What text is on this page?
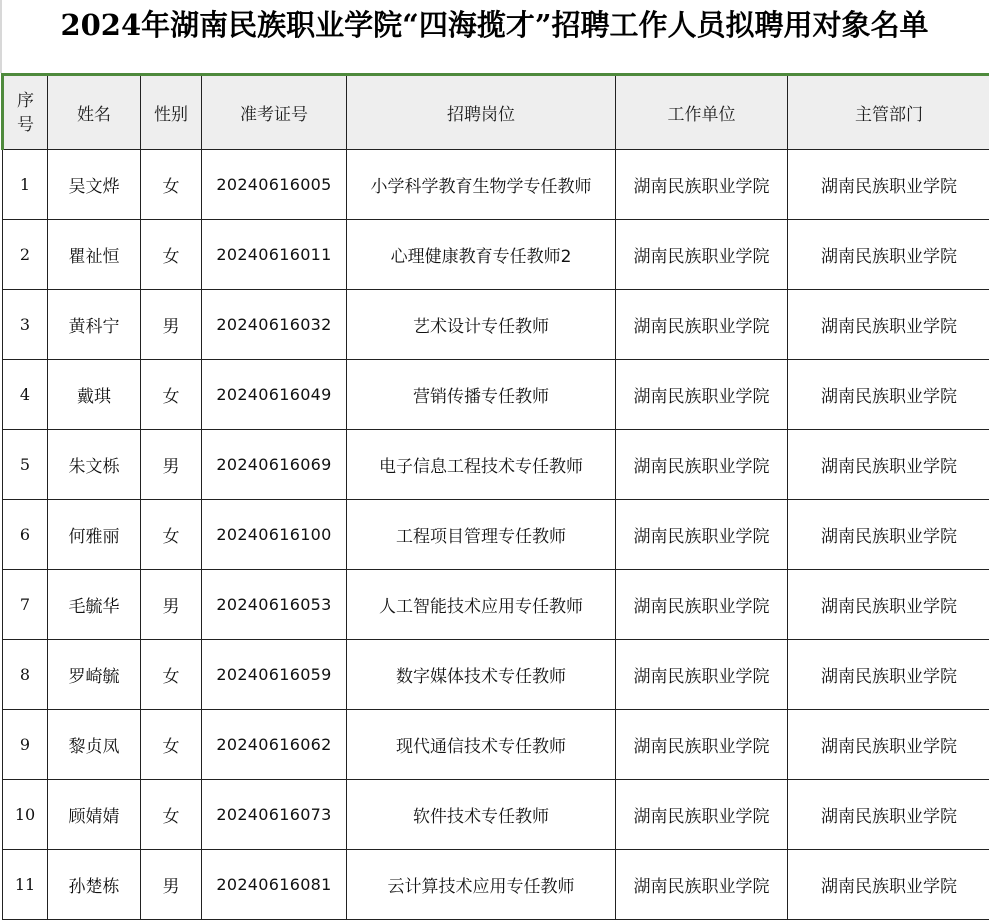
2024年湖南民族职业学院“四海揽才”招聘工作人员拟聘用对象名单
序
号	姓名	性别	准考证号	招聘岗位	工作单位	主管部门
1	吴文烨	女	20240616005	小学科学教育生物学专任教师	湖南民族职业学院	湖南民族职业学院
2	瞿祉恒	女	20240616011	心理健康教育专任教师2	湖南民族职业学院	湖南民族职业学院
3	黄科宁	男	20240616032	艺术设计专任教师	湖南民族职业学院	湖南民族职业学院
4	戴琪	女	20240616049	营销传播专任教师	湖南民族职业学院	湖南民族职业学院
5	朱文栎	男	20240616069	电子信息工程技术专任教师	湖南民族职业学院	湖南民族职业学院
6	何雅丽	女	20240616100	工程项目管理专任教师	湖南民族职业学院	湖南民族职业学院
7	毛毓华	男	20240616053	人工智能技术应用专任教师	湖南民族职业学院	湖南民族职业学院
8	罗崎毓	女	20240616059	数字媒体技术专任教师	湖南民族职业学院	湖南民族职业学院
9	黎贞凤	女	20240616062	现代通信技术专任教师	湖南民族职业学院	湖南民族职业学院
10	顾婧婧	女	20240616073	软件技术专任教师	湖南民族职业学院	湖南民族职业学院
11	孙楚栋	男	20240616081	云计算技术应用专任教师	湖南民族职业学院	湖南民族职业学院
